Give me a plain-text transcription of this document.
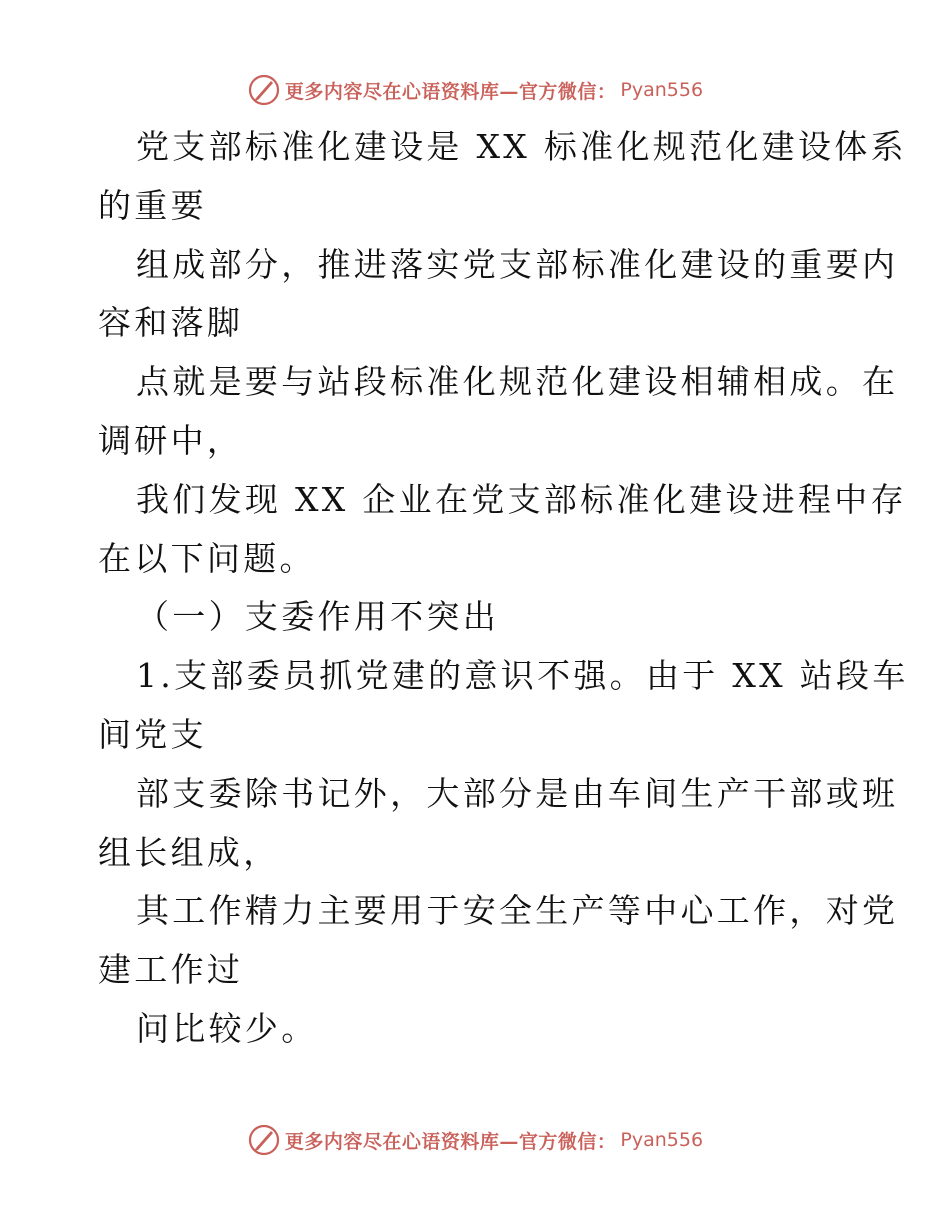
更多内容尽在心语资料库—官方微信： Pyan556
党支部标准化建设是 XX 标准化规范化建设体系
的重要
组成部分，推进落实党支部标准化建设的重要内
容和落脚
点就是要与站段标准化规范化建设相辅相成。在
调研中，
我们发现 XX 企业在党支部标准化建设进程中存
在以下问题。
（一）支委作用不突出
1.支部委员抓党建的意识不强。由于 XX 站段车
间党支
部支委除书记外，大部分是由车间生产干部或班
组长组成，
其工作精力主要用于安全生产等中心工作，对党
建工作过
问比较少。
更多内容尽在心语资料库—官方微信： Pyan556
